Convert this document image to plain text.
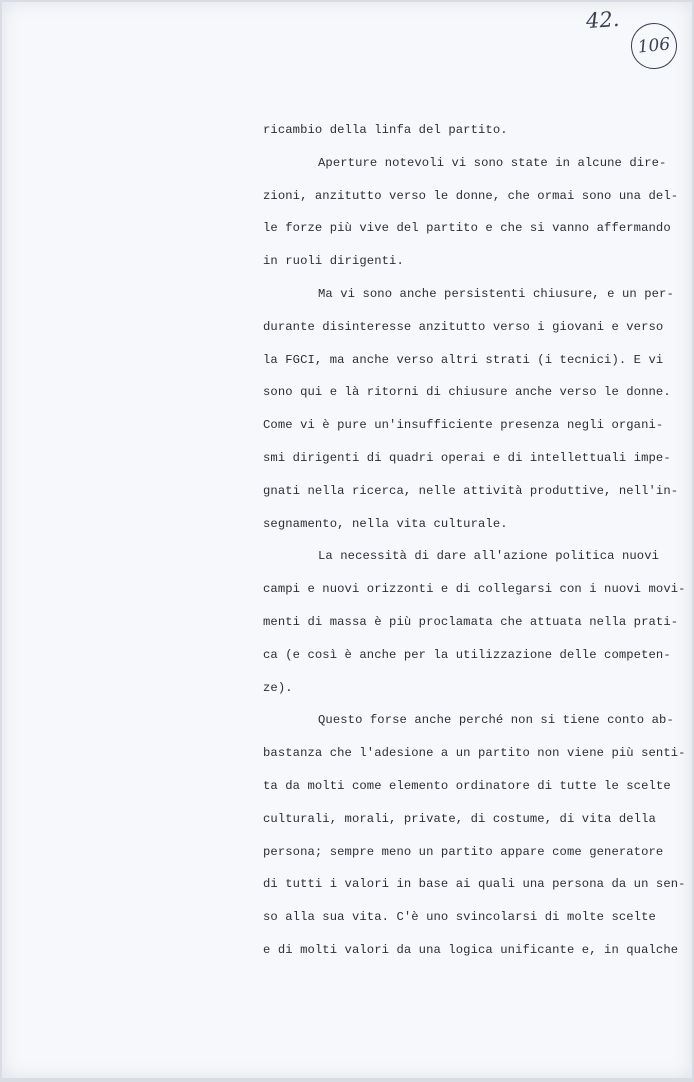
42.
106
ricambio della linfa del partito.
Aperture notevoli vi sono state in alcune dire-
zioni, anzitutto verso le donne, che ormai sono una del-
le forze più vive del partito e che si vanno affermando
in ruoli dirigenti.
Ma vi sono anche persistenti chiusure, e un per-
durante disinteresse anzitutto verso i giovani e verso
la FGCI, ma anche verso altri strati (i tecnici). E vi
sono qui e là ritorni di chiusure anche verso le donne.
Come vi è pure un'insufficiente presenza negli organi-
smi dirigenti di quadri operai e di intellettuali impe-
gnati nella ricerca, nelle attività produttive, nell'in-
segnamento, nella vita culturale.
La necessità di dare all'azione politica nuovi
campi e nuovi orizzonti e di collegarsi con i nuovi movi-
menti di massa è più proclamata che attuata nella prati-
ca (e così è anche per la utilizzazione delle competen-
ze).
Questo forse anche perché non si tiene conto ab-
bastanza che l'adesione a un partito non viene più senti-
ta da molti come elemento ordinatore di tutte le scelte
culturali, morali, private, di costume, di vita della
persona; sempre meno un partito appare come generatore
di tutti i valori in base ai quali una persona da un sen-
so alla sua vita. C'è uno svincolarsi di molte scelte
e di molti valori da una logica unificante e, in qualche
